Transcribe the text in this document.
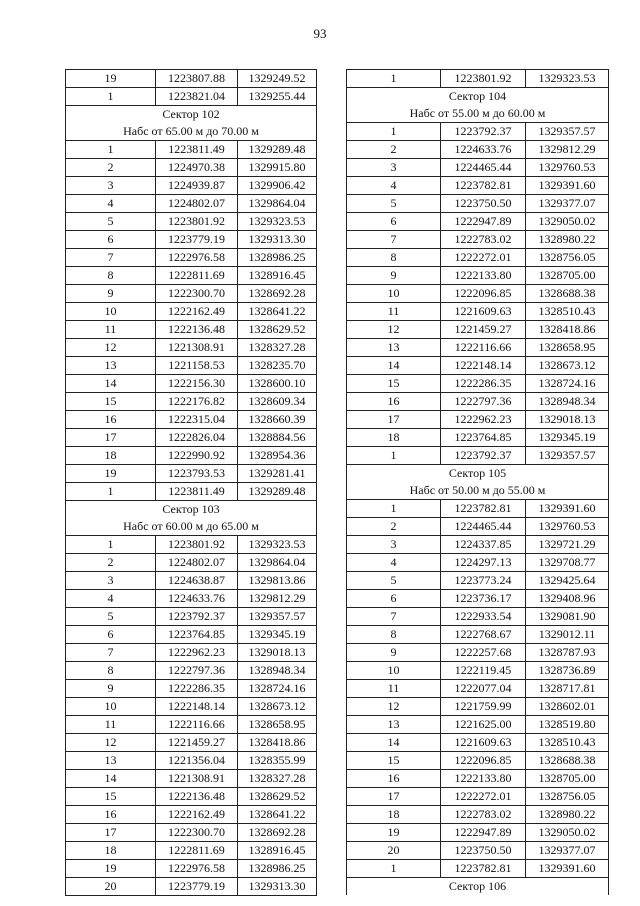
93
19	1223807.88	1329249.52
1	1223821.04	1329255.44
Сектор 102		
Набс от 65.00 м до 70.00 м		
1	1223811.49	1329289.48
2	1224970.38	1329915.80
3	1224939.87	1329906.42
4	1224802.07	1329864.04
5	1223801.92	1329323.53
6	1223779.19	1329313.30
7	1222976.58	1328986.25
8	1222811.69	1328916.45
9	1222300.70	1328692.28
10	1222162.49	1328641.22
11	1222136.48	1328629.52
12	1221308.91	1328327.28
13	1221158.53	1328235.70
14	1222156.30	1328600.10
15	1222176.82	1328609.34
16	1222315.04	1328660.39
17	1222826.04	1328884.56
18	1222990.92	1328954.36
19	1223793.53	1329281.41
1	1223811.49	1329289.48
Сектор 103		
Набс от 60.00 м до 65.00 м		
1	1223801.92	1329323.53
2	1224802.07	1329864.04
3	1224638.87	1329813.86
4	1224633.76	1329812.29
5	1223792.37	1329357.57
6	1223764.85	1329345.19
7	1222962.23	1329018.13
8	1222797.36	1328948.34
9	1222286.35	1328724.16
10	1222148.14	1328673.12
11	1222116.66	1328658.95
12	1221459.27	1328418.86
13	1221356.04	1328355.99
14	1221308.91	1328327.28
15	1222136.48	1328629.52
16	1222162.49	1328641.22
17	1222300.70	1328692.28
18	1222811.69	1328916.45
19	1222976.58	1328986.25
20	1223779.19	1329313.30
1	1223801.92	1329323.53
Сектор 104		
Набс от 55.00 м до 60.00 м		
1	1223792.37	1329357.57
2	1224633.76	1329812.29
3	1224465.44	1329760.53
4	1223782.81	1329391.60
5	1223750.50	1329377.07
6	1222947.89	1329050.02
7	1222783.02	1328980.22
8	1222272.01	1328756.05
9	1222133.80	1328705.00
10	1222096.85	1328688.38
11	1221609.63	1328510.43
12	1221459.27	1328418.86
13	1222116.66	1328658.95
14	1222148.14	1328673.12
15	1222286.35	1328724.16
16	1222797.36	1328948.34
17	1222962.23	1329018.13
18	1223764.85	1329345.19
1	1223792.37	1329357.57
Сектор 105		
Набс от 50.00 м до 55.00 м		
1	1223782.81	1329391.60
2	1224465.44	1329760.53
3	1224337.85	1329721.29
4	1224297.13	1329708.77
5	1223773.24	1329425.64
6	1223736.17	1329408.96
7	1222933.54	1329081.90
8	1222768.67	1329012.11
9	1222257.68	1328787.93
10	1222119.45	1328736.89
11	1222077.04	1328717.81
12	1221759.99	1328602.01
13	1221625.00	1328519.80
14	1221609.63	1328510.43
15	1222096.85	1328688.38
16	1222133.80	1328705.00
17	1222272.01	1328756.05
18	1222783.02	1328980.22
19	1222947.89	1329050.02
20	1223750.50	1329377.07
1	1223782.81	1329391.60
Сектор 106		
